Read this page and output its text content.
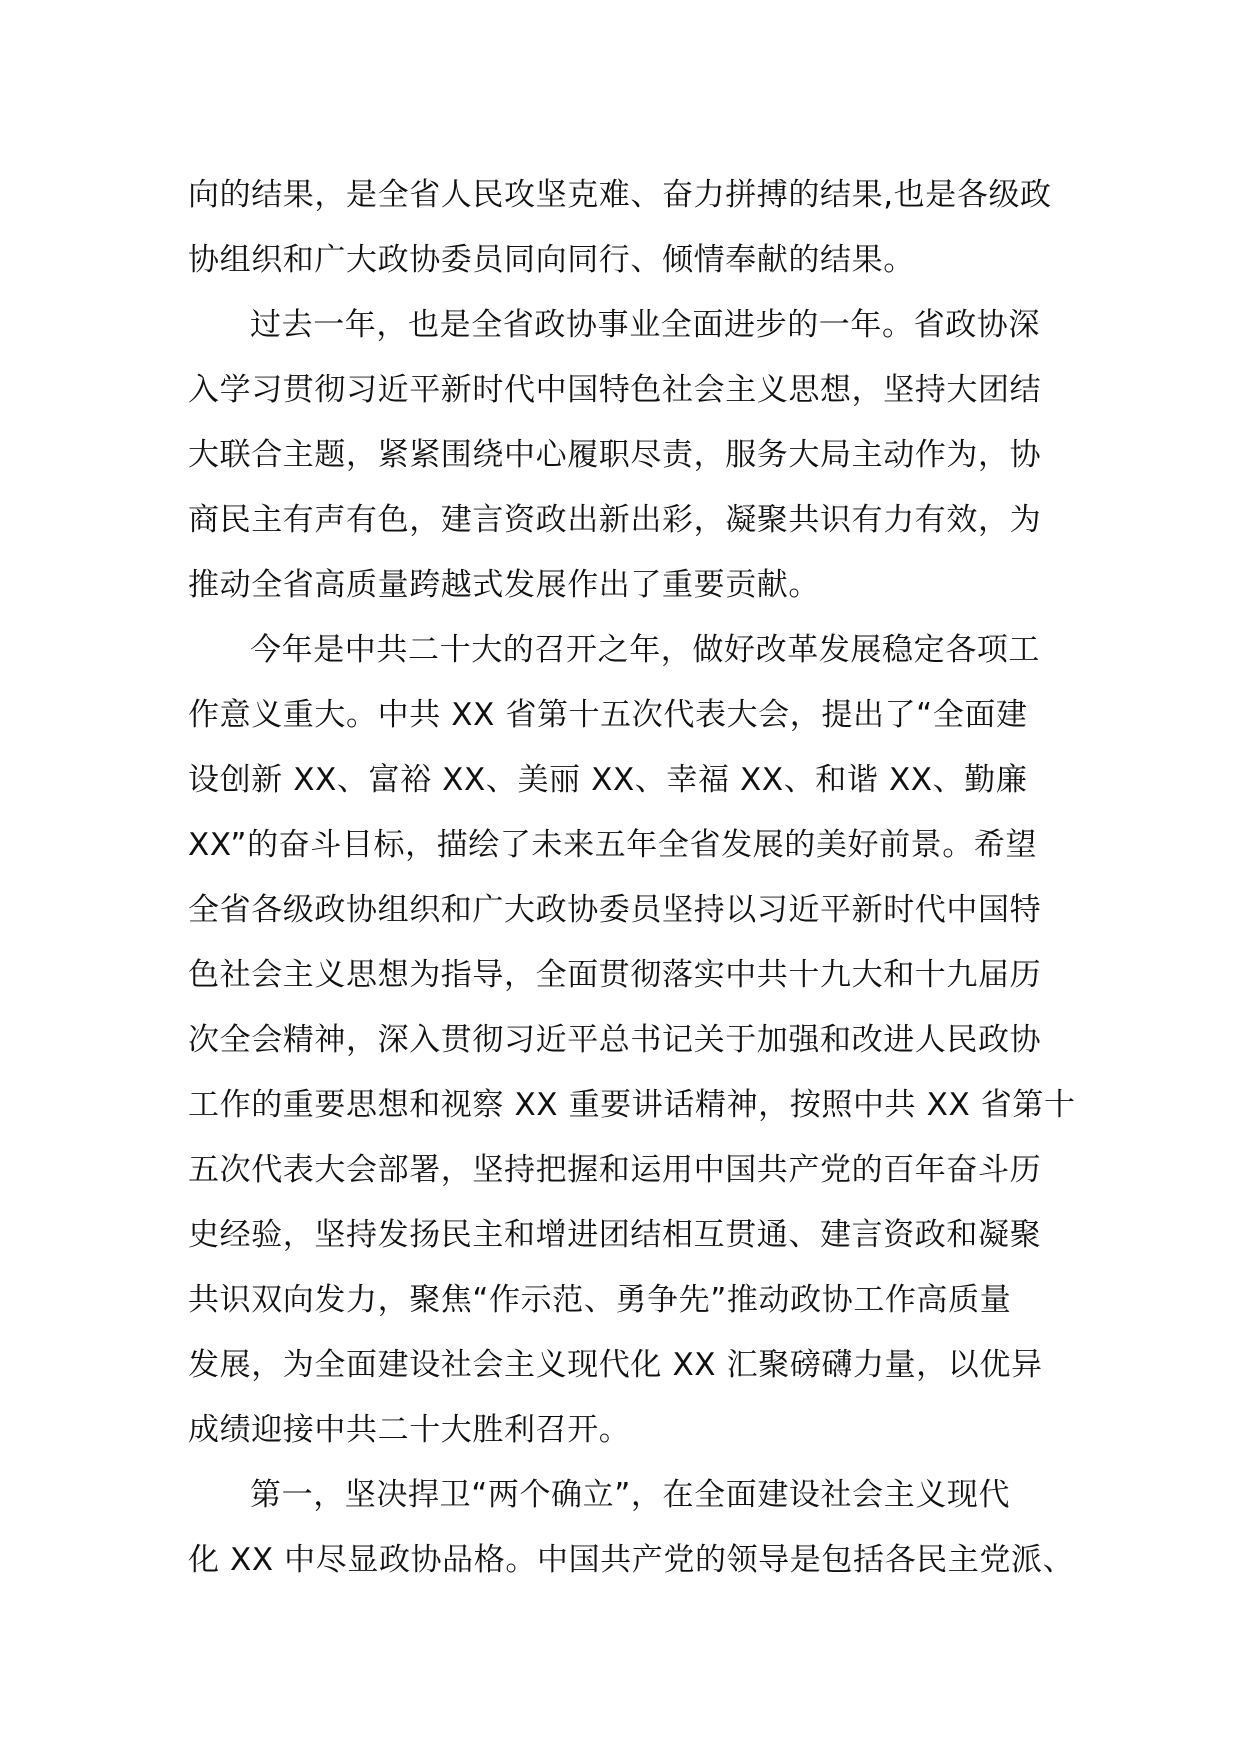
向的结果，是全省人民攻坚克难、奋力拼搏的结果,也是各级政
协组织和广大政协委员同向同行、倾情奉献的结果。
过去一年，也是全省政协事业全面进步的一年。省政协深
入学习贯彻习近平新时代中国特色社会主义思想，坚持大团结
大联合主题，紧紧围绕中心履职尽责，服务大局主动作为，协
商民主有声有色，建言资政出新出彩，凝聚共识有力有效，为
推动全省高质量跨越式发展作出了重要贡献。
今年是中共二十大的召开之年，做好改革发展稳定各项工
作意义重大。中共 XX 省第十五次代表大会，提出了“全面建
设创新 XX、富裕 XX、美丽 XX、幸福 XX、和谐 XX、勤廉
XX”的奋斗目标，描绘了未来五年全省发展的美好前景。希望
全省各级政协组织和广大政协委员坚持以习近平新时代中国特
色社会主义思想为指导，全面贯彻落实中共十九大和十九届历
次全会精神，深入贯彻习近平总书记关于加强和改进人民政协
工作的重要思想和视察 XX 重要讲话精神，按照中共 XX 省第十
五次代表大会部署，坚持把握和运用中国共产党的百年奋斗历
史经验，坚持发扬民主和增进团结相互贯通、建言资政和凝聚
共识双向发力，聚焦“作示范、勇争先”推动政协工作高质量
发展，为全面建设社会主义现代化 XX 汇聚磅礴力量，以优异
成绩迎接中共二十大胜利召开。
第一，坚决捍卫“两个确立”，在全面建设社会主义现代
化 XX 中尽显政协品格。中国共产党的领导是包括各民主党派、
